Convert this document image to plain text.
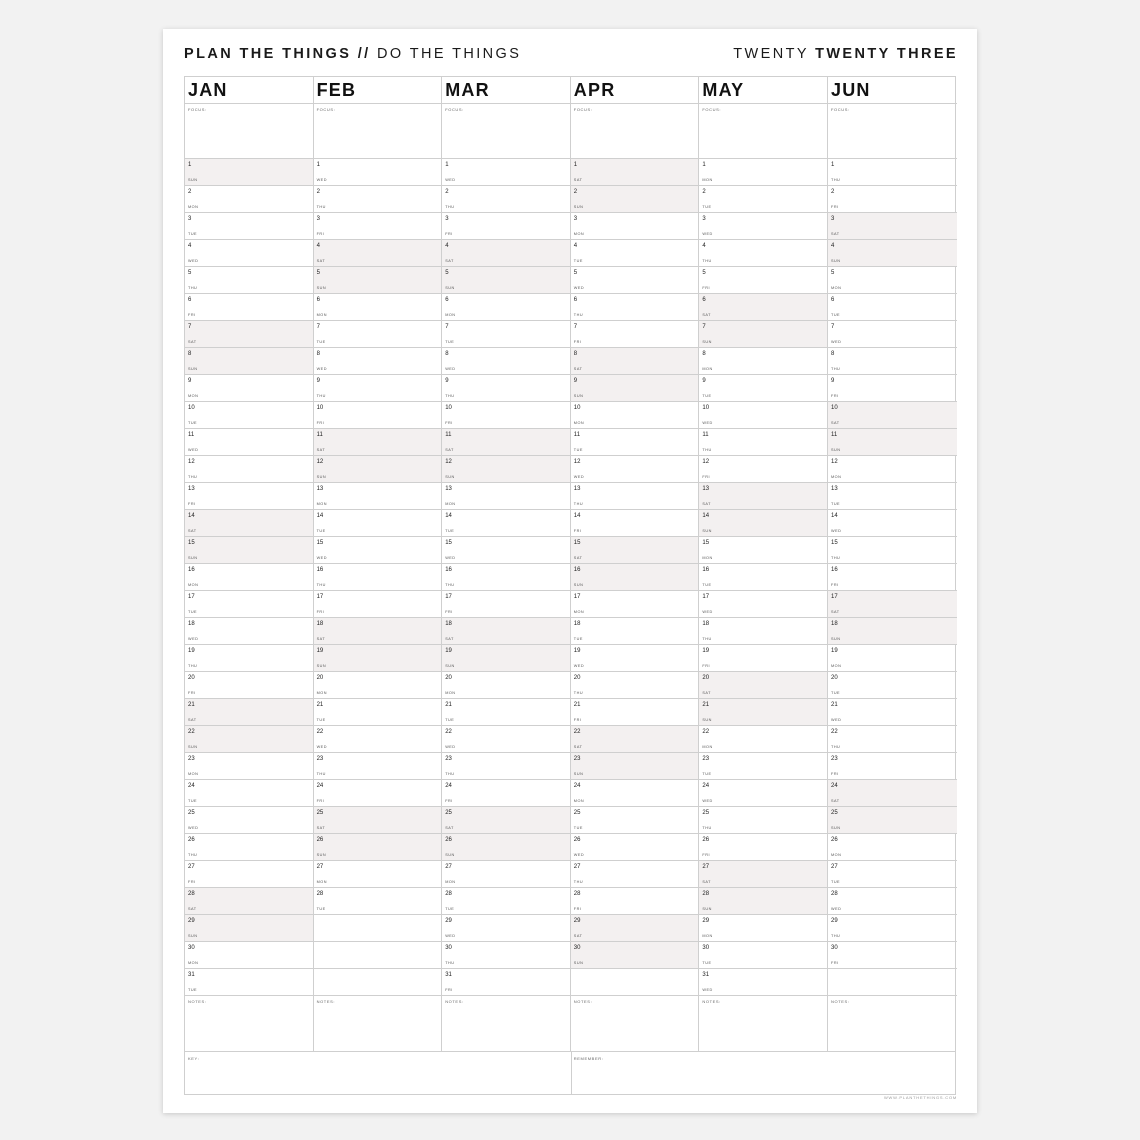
PLAN THE THINGS // DO THE THINGS	TWENTY TWENTY THREE
JAN
FOCUS:
1
SUN
2
MON
3
TUE
4
WED
5
THU
6
FRI
7
SAT
8
SUN
9
MON
10
TUE
11
WED
12
THU
13
FRI
14
SAT
15
SUN
16
MON
17
TUE
18
WED
19
THU
20
FRI
21
SAT
22
SUN
23
MON
24
TUE
25
WED
26
THU
27
FRI
28
SAT
29
SUN
30
MON
31
TUE
NOTES:
FEB
FOCUS:
1
WED
2
THU
3
FRI
4
SAT
5
SUN
6
MON
7
TUE
8
WED
9
THU
10
FRI
11
SAT
12
SUN
13
MON
14
TUE
15
WED
16
THU
17
FRI
18
SAT
19
SUN
20
MON
21
TUE
22
WED
23
THU
24
FRI
25
SAT
26
SUN
27
MON
28
TUE
NOTES:
MAR
FOCUS:
1
WED
2
THU
3
FRI
4
SAT
5
SUN
6
MON
7
TUE
8
WED
9
THU
10
FRI
11
SAT
12
SUN
13
MON
14
TUE
15
WED
16
THU
17
FRI
18
SAT
19
SUN
20
MON
21
TUE
22
WED
23
THU
24
FRI
25
SAT
26
SUN
27
MON
28
TUE
29
WED
30
THU
31
FRI
NOTES:
APR
FOCUS:
1
SAT
2
SUN
3
MON
4
TUE
5
WED
6
THU
7
FRI
8
SAT
9
SUN
10
MON
11
TUE
12
WED
13
THU
14
FRI
15
SAT
16
SUN
17
MON
18
TUE
19
WED
20
THU
21
FRI
22
SAT
23
SUN
24
MON
25
TUE
26
WED
27
THU
28
FRI
29
SAT
30
SUN
NOTES:
MAY
FOCUS:
1
MON
2
TUE
3
WED
4
THU
5
FRI
6
SAT
7
SUN
8
MON
9
TUE
10
WED
11
THU
12
FRI
13
SAT
14
SUN
15
MON
16
TUE
17
WED
18
THU
19
FRI
20
SAT
21
SUN
22
MON
23
TUE
24
WED
25
THU
26
FRI
27
SAT
28
SUN
29
MON
30
TUE
31
WED
NOTES:
JUN
FOCUS:
1
THU
2
FRI
3
SAT
4
SUN
5
MON
6
TUE
7
WED
8
THU
9
FRI
10
SAT
11
SUN
12
MON
13
TUE
14
WED
15
THU
16
FRI
17
SAT
18
SUN
19
MON
20
TUE
21
WED
22
THU
23
FRI
24
SAT
25
SUN
26
MON
27
TUE
28
WED
29
THU
30
FRI
NOTES:
KEY:	REMEMBER:
WWW.PLANTHETHINGS.COM
